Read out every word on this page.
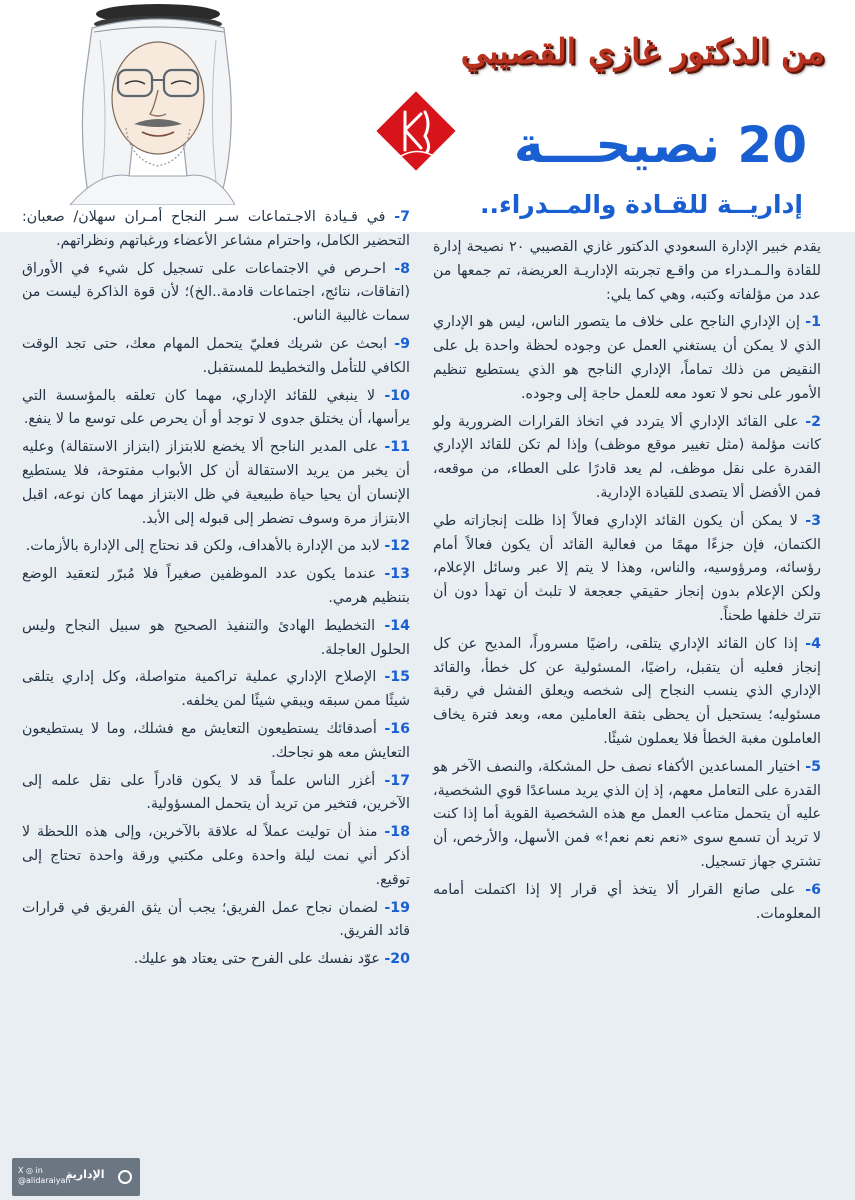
من الدكتور غازي القصيبي

20 نصيحـــة
إداريــة للقـادة والمــدراء..

يقدم خبير الإدارة السعودي الدكتور غازي القصيبي ٢٠ نصيحة إدارة للقادة والـمـدراء من واقـع تجربته الإداريـة العريضة، تم جمعها من عدد من مؤلفاته وكتبه، وهي كما يلي:

1- إن الإداري الناجح على خلاف ما يتصور الناس، ليس هو الإداري الذي لا يمكن أن يستغني العمل عن وجوده لحظة واحدة بل على النقيض من ذلك تماماً، الإداري الناجح هو الذي يستطيع تنظيم الأمور على نحو لا تعود معه للعمل حاجة إلى وجوده.

2- على القائد الإداري ألا يتردد في اتخاذ القرارات الضرورية ولو كانت مؤلمة (مثل تغيير موقع موظف) وإذا لم تكن للقائد الإداري القدرة على نقل موظف، لم يعد قادرًا على العطاء، من موقعه، فمن الأفضل ألا يتصدى للقيادة الإدارية.

3- لا يمكن أن يكون القائد الإداري فعالاً إذا ظلت إنجازاته طي الكتمان، فإن جزءًا مهمًا من فعالية القائد أن يكون فعالاً أمام رؤسائه، ومرؤوسيه، والناس، وهذا لا يتم إلا عبر وسائل الإعلام، ولكن الإعلام بدون إنجاز حقيقي جعجعة لا تلبث أن تهدأ دون أن تترك خلفها طحناً.

4- إذا كان القائد الإداري يتلقى، راضيًا مسروراً، المديح عن كل إنجاز فعليه أن يتقبل، راضيًا، المسئولية عن كل خطأ، والقائد الإداري الذي ينسب النجاح إلى شخصه ويعلق الفشل في رقبة مسئوليه؛ يستحيل أن يحظى بثقة العاملين معه، وبعد فترة يخاف العاملون مغبة الخطأ فلا يعملون شيئًا.

5- اختيار المساعدين الأكفاء نصف حل المشكلة، والنصف الآخر هو القدرة على التعامل معهم، إذ إن الذي يريد مساعدًا قوي الشخصية، عليه أن يتحمل متاعب العمل مع هذه الشخصية القوية أما إذا كنت لا تريد أن تسمع سوى «نعم نعم نعم!» فمن الأسهل، والأرخص، أن تشتري جهاز تسجيل.

6- على صانع القرار ألا يتخذ أي قرار إلا إذا اكتملت أمامه المعلومات.

7- في قـيادة الاجـتماعات سـر النجاح أمـران سهلان/ صعبان: التحضير الكامل، واحترام مشاعر الأعضاء ورغباتهم ونظراتهم.

8- احـرص في الاجتماعات على تسجيل كل شيء في الأوراق (اتفاقات، نتائج، اجتماعات قادمة..الخ)؛ لأن قوة الذاكرة ليست من سمات غالبية الناس.

9- ابحث عن شريك فعليّ يتحمل المهام معك، حتى تجد الوقت الكافي للتأمل والتخطيط للمستقبل.

10- لا ينبغي للقائد الإداري، مهما كان تعلقه بالمؤسسة التي يرأسها، أن يختلق جدوى لا توجد أو أن يحرص على توسع ما لا ينفع.

11- على المدير الناجح ألا يخضع للابتزاز (ابتزاز الاستقالة) وعليه أن يخبر من يريد الاستقالة أن كل الأبواب مفتوحة، فلا يستطيع الإنسان أن يحيا حياة طبيعية في ظل الابتزاز مهما كان نوعه، اقبل الابتزاز مرة وسوف تضطر إلى قبوله إلى الأبد.

12- لابد من الإدارة بالأهداف، ولكن قد نحتاج إلى الإدارة بالأزمات.

13- عندما يكون عدد الموظفين صغيراً فلا مُبرّر لتعقيد الوضع بتنظيم هرمي.

14- التخطيط الهادئ والتنفيذ الصحيح هو سبيل النجاح وليس الحلول العاجلة.

15- الإصلاح الإداري عملية تراكمية متواصلة، وكل إداري يتلقى شيئًا ممن سبقه ويبقي شيئًا لمن يخلفه.

16- أصدقائك يستطيعون التعايش مع فشلك، وما لا يستطيعون التعايش معه هو نجاحك.

17- أغزر الناس علماً قد لا يكون قادراً على نقل علمه إلى الآخرين، فتخير من تريد أن يتحمل المسؤولية.

18- منذ أن توليت عملاً له علاقة بالآخرين، وإلى هذه اللحظة لا أذكر أني نمت ليلة واحدة وعلى مكتبي ورقة واحدة تحتاج إلى توقيع.

19- لضمان نجاح عمل الفريق؛ يجب أن يثق الفريق في قرارات قائد الفريق.

20- عوّد نفسك على الفرح حتى يعتاد هو عليك.

X ◎ in
@alidaraiyah
الإدارية
